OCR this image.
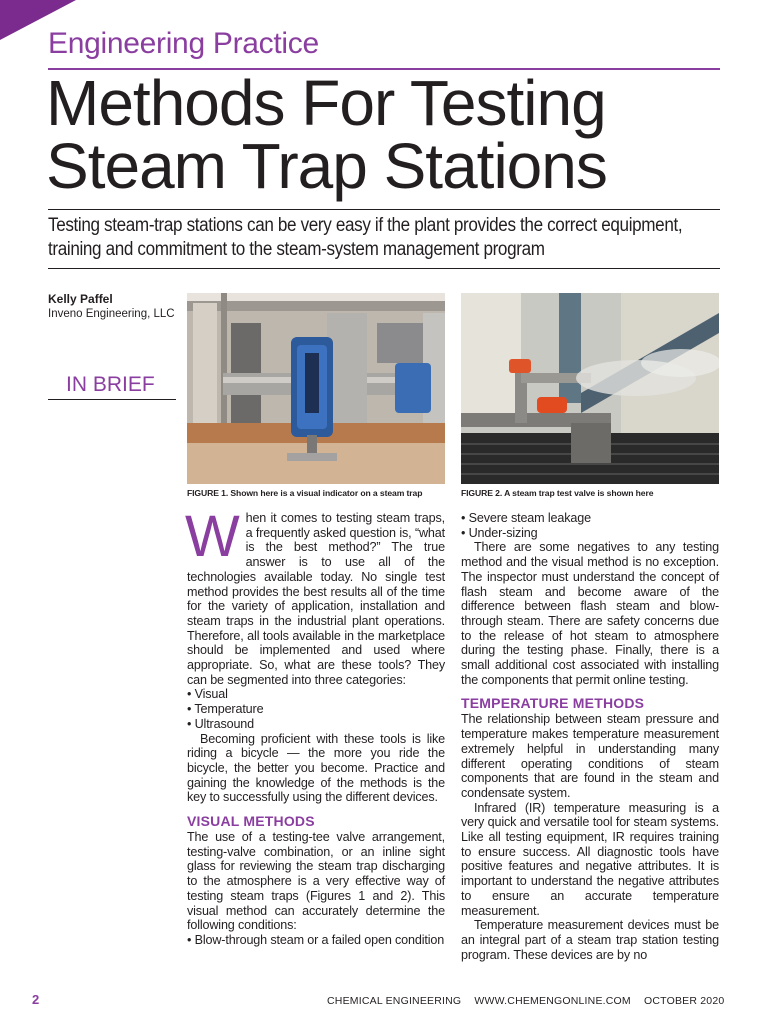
Engineering Practice
Methods For Testing
Steam Trap Stations
Testing steam-trap stations can be very easy if the plant provides the correct equipment, training and commitment to the steam-system management program
Kelly Paffel
Inveno Engineering, LLC
IN BRIEF
FIGURE 1. Shown here is a visual indicator on a steam trap	FIGURE 2. A steam trap test valve is shown here

When it comes to testing steam traps, a frequently asked question is, “what is the best method?” The true answer is to use all of the technologies available today. No single test method provides the best results all of the time for the variety of application, installation and steam traps in the industrial plant operations. Therefore, all tools available in the marketplace should be implemented and used where appropriate. So, what are these tools? They can be segmented into three categories:

• Visual
• Temperature
• Ultrasound

Becoming proficient with these tools is like riding a bicycle — the more you ride the bicycle, the better you become. Practice and gaining the knowledge of the methods is the key to successfully using the different devices.

VISUAL METHODS

The use of a testing-tee valve arrangement, testing-valve combination, or an inline sight glass for reviewing the steam trap discharging to the atmosphere is a very effective way of testing steam traps (Figures 1 and 2). This visual method can accurately determine the following conditions:

• Blow-through steam or a failed open condition
• Severe steam leakage
• Under-sizing

There are some negatives to any testing method and the visual method is no exception. The inspector must understand the concept of flash steam and become aware of the difference between flash steam and blow-through steam. There are safety concerns due to the release of hot steam to atmosphere during the testing phase. Finally, there is a small additional cost associated with installing the components that permit online testing.

TEMPERATURE METHODS

The relationship between steam pressure and temperature makes temperature measurement extremely helpful in understanding many different operating conditions of steam components that are found in the steam and condensate system.

Infrared (IR) temperature measuring is a very quick and versatile tool for steam systems. Like all testing equipment, IR requires training to ensure success. All diagnostic tools have positive features and negative attributes. It is important to understand the negative attributes to ensure an accurate temperature measurement.

Temperature measurement devices must be an integral part of a steam trap station testing program. These devices are by no

2	CHEMICAL ENGINEERING WWW.CHEMENGONLINE.COM OCTOBER 2020
